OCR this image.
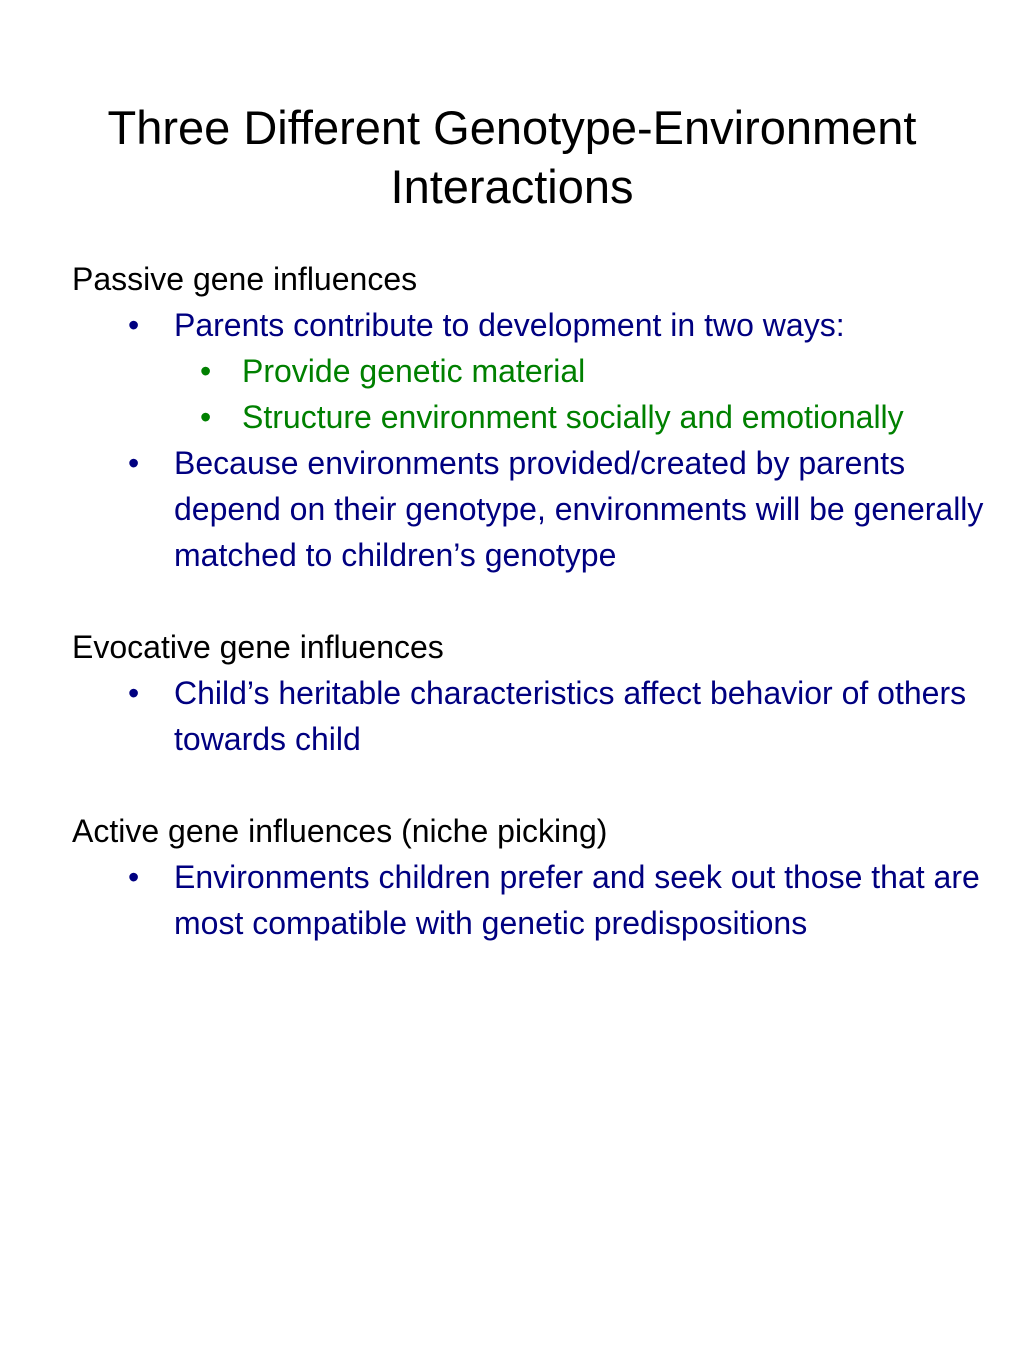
Three Different Genotype-Environment
Interactions

Passive gene influences

• Parents contribute to development in two ways:
• Provide genetic material
• Structure environment socially and emotionally
• Because environments provided/created by parents depend on their genotype, environments will be generally matched to children’s genotype

Evocative gene influences

• Child’s heritable characteristics affect behavior of others towards child

Active gene influences (niche picking)

• Environments children prefer and seek out those that are most compatible with genetic predispositions
